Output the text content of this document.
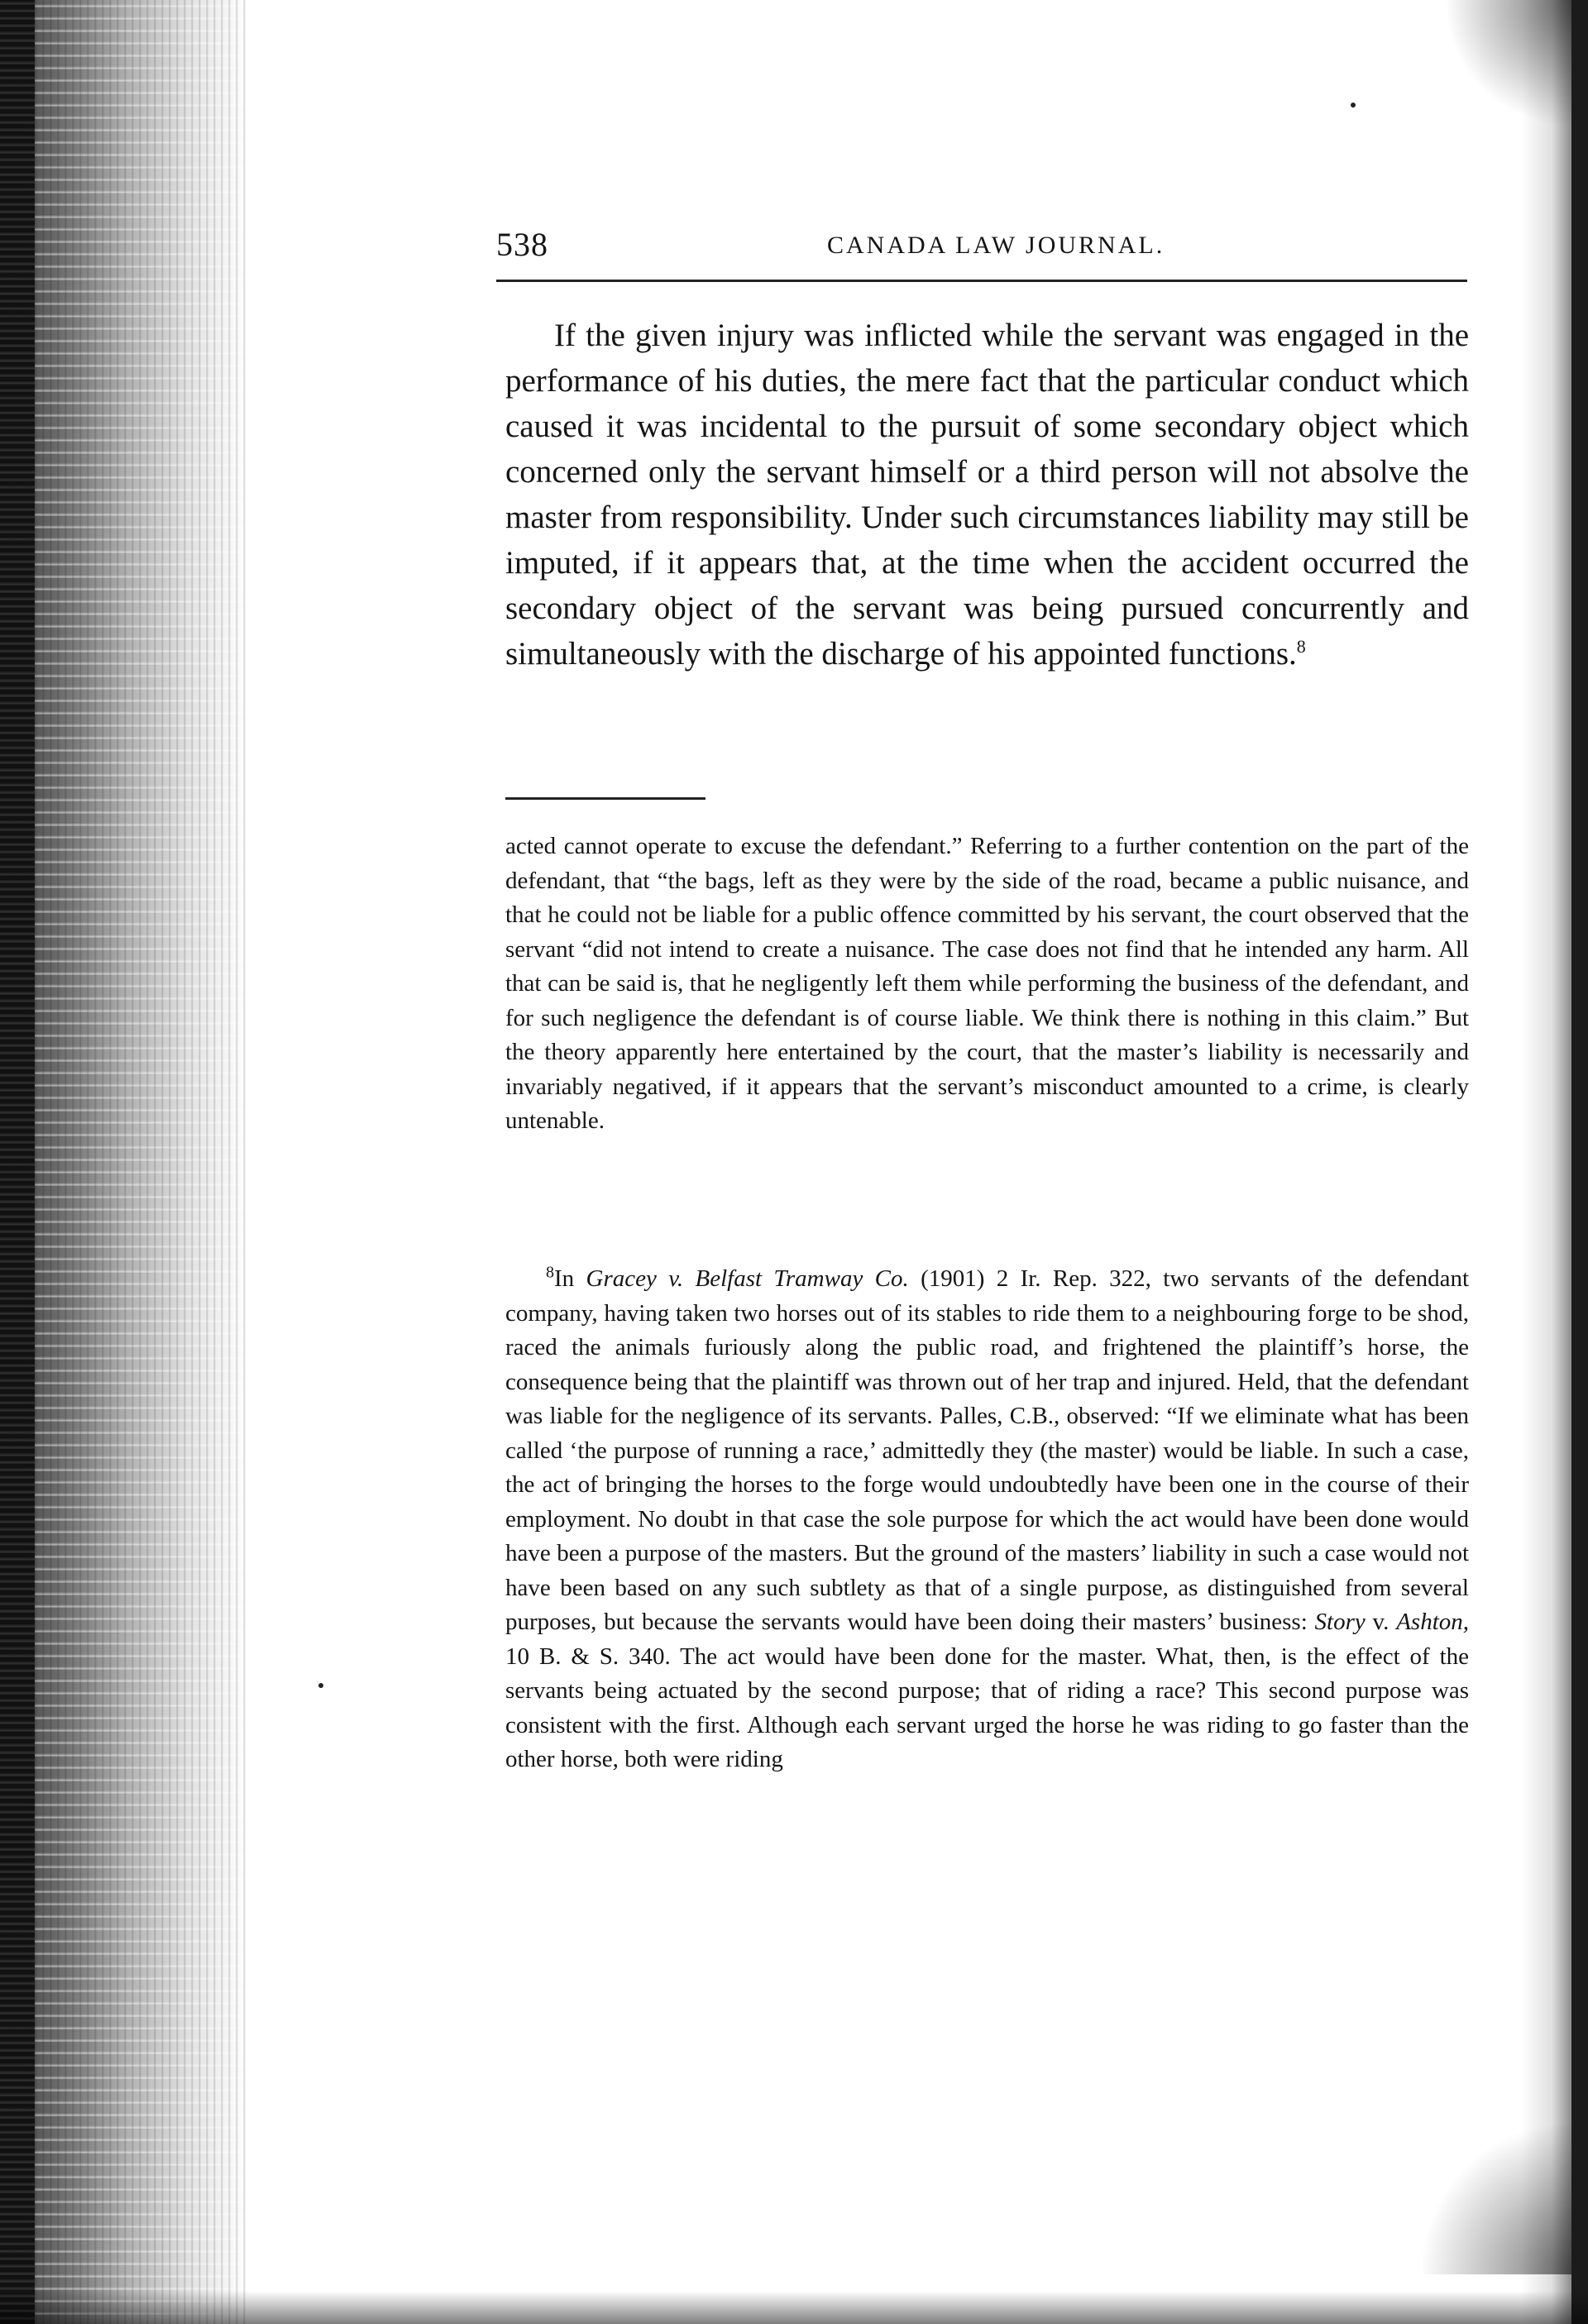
538	CANADA LAW JOURNAL.

If the given injury was inflicted while the servant was engaged in the performance of his duties, the mere fact that the particular conduct which caused it was incidental to the pursuit of some secondary object which concerned only the servant himself or a third person will not absolve the master from responsibility. Under such circumstances liability may still be imputed, if it appears that, at the time when the accident occurred the secondary object of the servant was being pursued concurrently and simultaneously with the discharge of his appointed functions.$^8$

acted cannot operate to excuse the defendant.” Referring to a further contention on the part of the defendant, that “the bags, left as they were by the side of the road, became a public nuisance, and that he could not be liable for a public offence committed by his servant, the court observed that the servant “did not intend to create a nuisance. The case does not find that he intended any harm. All that can be said is, that he negligently left them while performing the business of the defendant, and for such negligence the defendant is of course liable. We think there is nothing in this claim.” But the theory apparently here entertained by the court, that the master’s liability is necessarily and invariably negatived, if it appears that the servant’s misconduct amounted to a crime, is clearly untenable.

$^8$In Gracey v. Belfast Tramway Co. (1901) 2 Ir. Rep. 322, two servants of the defendant company, having taken two horses out of its stables to ride them to a neighbouring forge to be shod, raced the animals furiously along the public road, and frightened the plaintiff’s horse, the consequence being that the plaintiff was thrown out of her trap and injured. Held, that the defendant was liable for the negligence of its servants. Palles, C.B., observed: “If we eliminate what has been called ‘the purpose of running a race,’ admittedly they (the master) would be liable. In such a case, the act of bringing the horses to the forge would undoubtedly have been one in the course of their employment. No doubt in that case the sole purpose for which the act would have been done would have been a purpose of the masters. But the ground of the masters’ liability in such a case would not have been based on any such subtlety as that of a single purpose, as distinguished from several purposes, but because the servants would have been doing their masters’ business: Story v. Ashton, 10 B. & S. 340. The act would have been done for the master. What, then, is the effect of the servants being actuated by the second purpose; that of riding a race? This second purpose was consistent with the first. Although each servant urged the horse he was riding to go faster than the other horse, both were riding
